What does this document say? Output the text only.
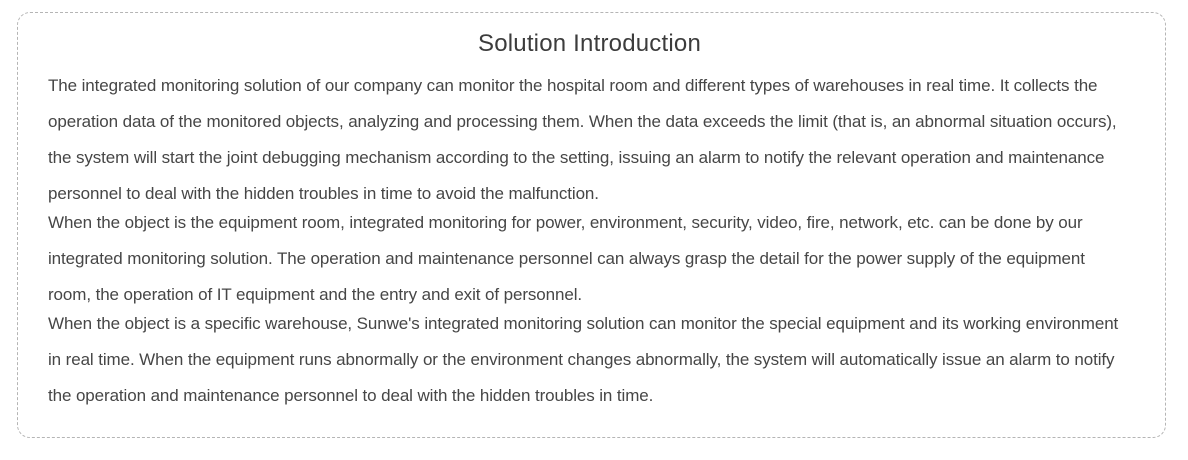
Solution Introduction

The integrated monitoring solution of our company can monitor the hospital room and different types of warehouses in real time. It collects the operation data of the monitored objects, analyzing and processing them. When the data exceeds the limit (that is, an abnormal situation occurs), the system will start the joint debugging mechanism according to the setting, issuing an alarm to notify the relevant operation and maintenance personnel to deal with the hidden troubles in time to avoid the malfunction.

When the object is the equipment room, integrated monitoring for power, environment, security, video, fire, network, etc. can be done by our integrated monitoring solution. The operation and maintenance personnel can always grasp the detail for the power supply of the equipment room, the operation of IT equipment and the entry and exit of personnel.

When the object is a specific warehouse, Sunwe's integrated monitoring solution can monitor the special equipment and its working environment in real time. When the equipment runs abnormally or the environment changes abnormally, the system will automatically issue an alarm to notify the operation and maintenance personnel to deal with the hidden troubles in time.
